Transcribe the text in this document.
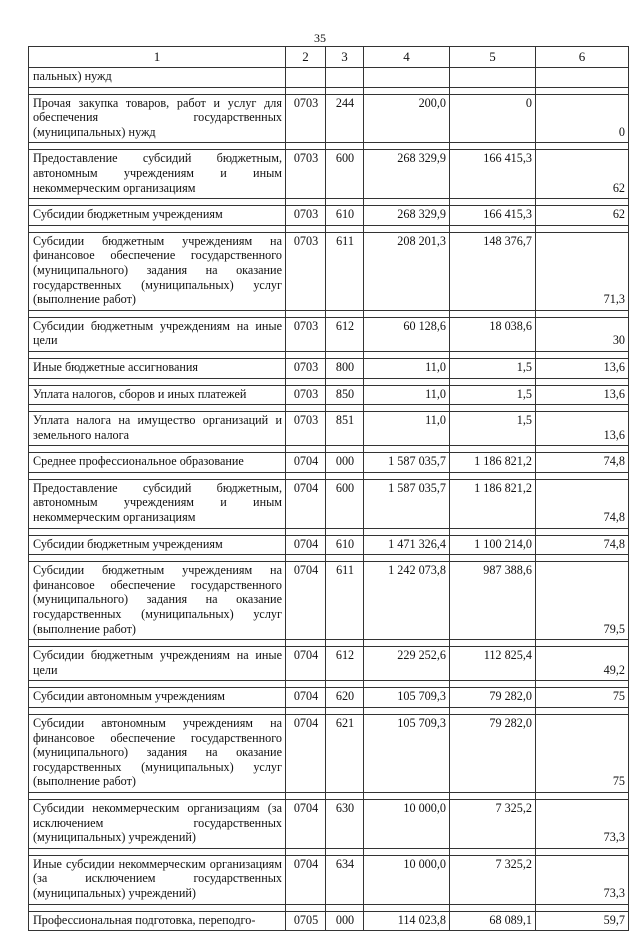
35
1	2	3	4	5	6
пальных) нужд					

Прочая закупка товаров, работ и услуг для обеспечения государственных (муниципальных) нужд	0703	244	200,0	0	0

Предоставление субсидий бюджетным, автономным учреждениям и иным некоммерческим организациям	0703	600	268 329,9	166 415,3	62

Субсидии бюджетным учреждениям	0703	610	268 329,9	166 415,3	62

Субсидии бюджетным учреждениям на финансовое обеспечение государственного (муниципального) задания на оказание государственных (муниципальных) услуг (выполнение работ)	0703	611	208 201,3	148 376,7	71,3

Субсидии бюджетным учреждениям на иные цели	0703	612	60 128,6	18 038,6	30

Иные бюджетные ассигнования	0703	800	11,0	1,5	13,6

Уплата налогов, сборов и иных платежей	0703	850	11,0	1,5	13,6

Уплата налога на имущество организаций и земельного налога	0703	851	11,0	1,5	13,6

Среднее профессиональное образование	0704	000	1 587 035,7	1 186 821,2	74,8

Предоставление субсидий бюджетным, автономным учреждениям и иным некоммерческим организациям	0704	600	1 587 035,7	1 186 821,2	74,8

Субсидии бюджетным учреждениям	0704	610	1 471 326,4	1 100 214,0	74,8

Субсидии бюджетным учреждениям на финансовое обеспечение государственного (муниципального) задания на оказание государственных (муниципальных) услуг (выполнение работ)	0704	611	1 242 073,8	987 388,6	79,5

Субсидии бюджетным учреждениям на иные цели	0704	612	229 252,6	112 825,4	49,2

Субсидии автономным учреждениям	0704	620	105 709,3	79 282,0	75

Субсидии автономным учреждениям на финансовое обеспечение государственного (муниципального) задания на оказание государственных (муниципальных) услуг (выполнение работ)	0704	621	105 709,3	79 282,0	75

Субсидии некоммерческим организациям (за исключением государственных (муниципальных) учреждений)	0704	630	10 000,0	7 325,2	73,3

Иные субсидии некоммерческим организациям (за исключением государственных (муниципальных) учреждений)	0704	634	10 000,0	7 325,2	73,3

Профессиональная подготовка, переподго-	0705	000	114 023,8	68 089,1	59,7
